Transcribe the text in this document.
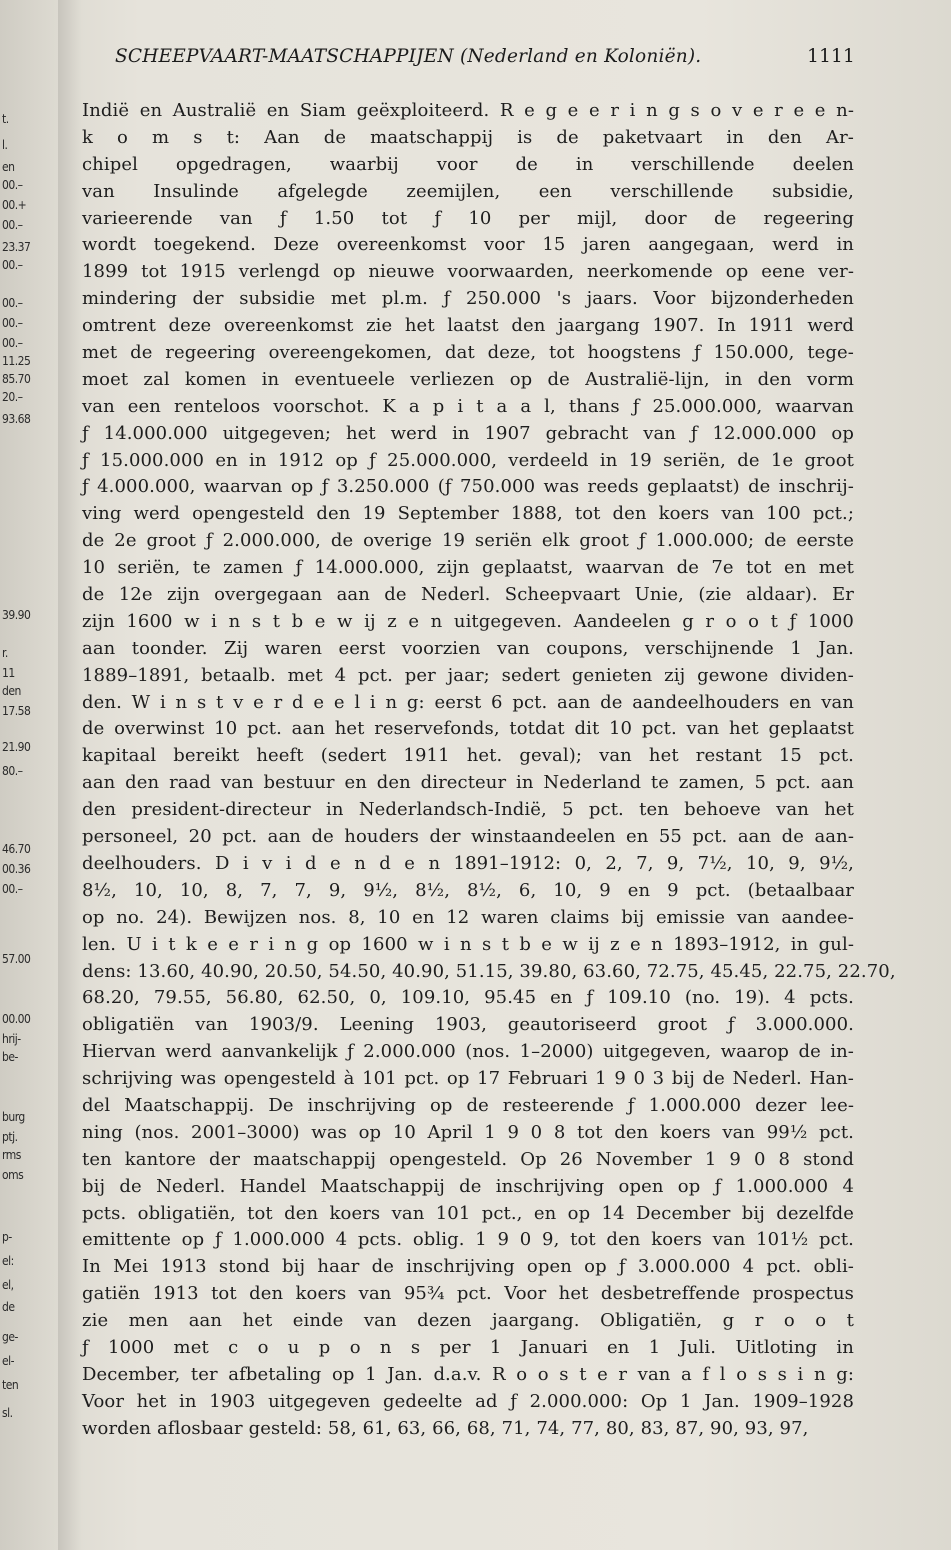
t.
l.
en
00.–
00.+
00.–
23.37
00.–
00.–
00.–
00.–
11.25
85.70
20.–
93.68
39.90
r.
11
den
17.58
21.90
80.–
46.70
00.36
00.–
57.00
00.00
hrij-
be-
burg
ptj.
rms
oms
p-
el:
el,
de
ge-
el-
ten
sl.
SCHEEPVAART-MAATSCHAPPIJEN (Nederland en Koloniën).	1111
Indië en Australië en Siam geëxploiteerd. R e g e e r i n g s o v e r e e n-
k o m s t: Aan de maatschappij is de paketvaart in den Ar-
chipel opgedragen, waarbij voor de in verschillende deelen
van Insulinde afgelegde zeemijlen, een verschillende subsidie,
varieerende van ƒ 1.50 tot ƒ 10 per mijl, door de regeering
wordt toegekend. Deze overeenkomst voor 15 jaren aangegaan, werd in
1899 tot 1915 verlengd op nieuwe voorwaarden, neerkomende op eene ver-
mindering der subsidie met pl.m. ƒ 250.000 's jaars. Voor bijzonderheden
omtrent deze overeenkomst zie het laatst den jaargang 1907. In 1911 werd
met de regeering overeengekomen, dat deze, tot hoogstens ƒ 150.000, tege-
moet zal komen in eventueele verliezen op de Australië-lijn, in den vorm
van een renteloos voorschot. K a p i t a a l, thans ƒ 25.000.000, waarvan
ƒ 14.000.000 uitgegeven; het werd in 1907 gebracht van ƒ 12.000.000 op
ƒ 15.000.000 en in 1912 op ƒ 25.000.000, verdeeld in 19 seriën, de 1e groot
ƒ 4.000.000, waarvan op ƒ 3.250.000 (ƒ 750.000 was reeds geplaatst) de inschrij-
ving werd opengesteld den 19 September 1888, tot den koers van 100 pct.;
de 2e groot ƒ 2.000.000, de overige 19 seriën elk groot ƒ 1.000.000; de eerste
10 seriën, te zamen ƒ 14.000.000, zijn geplaatst, waarvan de 7e tot en met
de 12e zijn overgegaan aan de Nederl. Scheepvaart Unie, (zie aldaar). Er
zijn 1600 w i n s t b e w ij z e n uitgegeven. Aandeelen g r o o t ƒ 1000
aan toonder. Zij waren eerst voorzien van coupons, verschijnende 1 Jan.
1889–1891, betaalb. met 4 pct. per jaar; sedert genieten zij gewone dividen-
den. W i n s t v e r d e e l i n g: eerst 6 pct. aan de aandeelhouders en van
de overwinst 10 pct. aan het reservefonds, totdat dit 10 pct. van het geplaatst
kapitaal bereikt heeft (sedert 1911 het. geval); van het restant 15 pct.
aan den raad van bestuur en den directeur in Nederland te zamen, 5 pct. aan
den president-directeur in Nederlandsch-Indië, 5 pct. ten behoeve van het
personeel, 20 pct. aan de houders der winstaandeelen en 55 pct. aan de aan-
deelhouders. D i v i d e n d e n 1891–1912: 0, 2, 7, 9, 7½, 10, 9, 9½,
8½, 10, 10, 8, 7, 7, 9, 9½, 8½, 8½, 6, 10, 9 en 9 pct. (betaalbaar
op no. 24). Bewijzen nos. 8, 10 en 12 waren claims bij emissie van aandee-
len. U i t k e e r i n g op 1600 w i n s t b e w ij z e n 1893–1912, in gul-
dens: 13.60, 40.90, 20.50, 54.50, 40.90, 51.15, 39.80, 63.60, 72.75, 45.45, 22.75, 22.70,
68.20, 79.55, 56.80, 62.50, 0, 109.10, 95.45 en ƒ 109.10 (no. 19). 4 pcts.
obligatiën van 1903/9. Leening 1903, geautoriseerd groot ƒ 3.000.000.
Hiervan werd aanvankelijk ƒ 2.000.000 (nos. 1–2000) uitgegeven, waarop de in-
schrijving was opengesteld à 101 pct. op 17 Februari 1 9 0 3 bij de Nederl. Han-
del Maatschappij. De inschrijving op de resteerende ƒ 1.000.000 dezer lee-
ning (nos. 2001–3000) was op 10 April 1 9 0 8 tot den koers van 99½ pct.
ten kantore der maatschappij opengesteld. Op 26 November 1 9 0 8 stond
bij de Nederl. Handel Maatschappij de inschrijving open op ƒ 1.000.000 4
pcts. obligatiën, tot den koers van 101 pct., en op 14 December bij dezelfde
emittente op ƒ 1.000.000 4 pcts. oblig. 1 9 0 9, tot den koers van 101½ pct.
In Mei 1913 stond bij haar de inschrijving open op ƒ 3.000.000 4 pct. obli-
gatiën 1913 tot den koers van 95¾ pct. Voor het desbetreffende prospectus
zie men aan het einde van dezen jaargang. Obligatiën, g r o o t
ƒ 1000 met c o u p o n s per 1 Januari en 1 Juli. Uitloting in
December, ter afbetaling op 1 Jan. d.a.v. R o o s t e r van a f l o s s i n g:
Voor het in 1903 uitgegeven gedeelte ad ƒ 2.000.000: Op 1 Jan. 1909–1928
worden aflosbaar gesteld: 58, 61, 63, 66, 68, 71, 74, 77, 80, 83, 87, 90, 93, 97,
